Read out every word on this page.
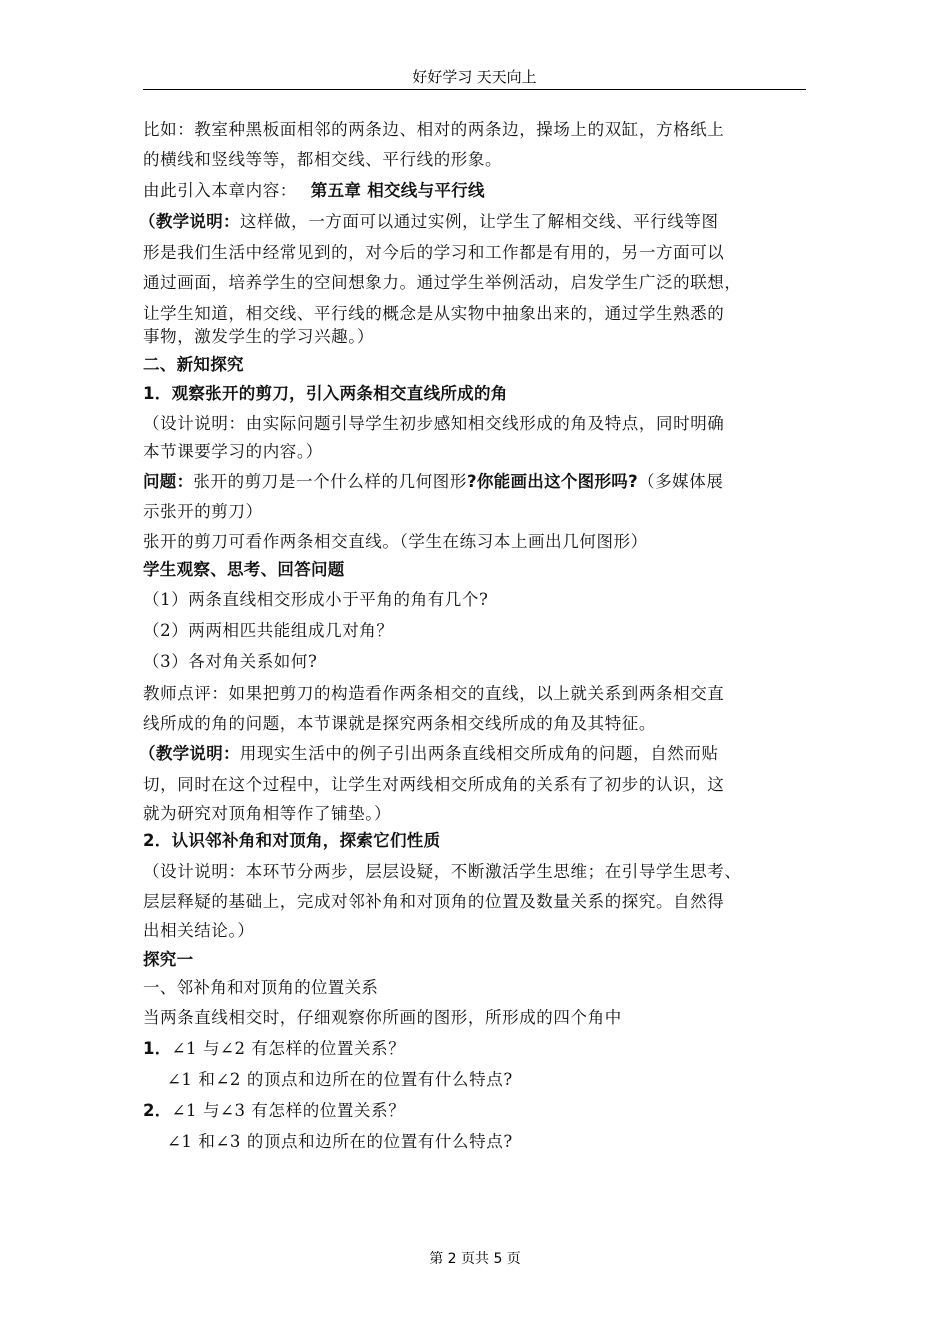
好好学习 天天向上
比如：教室种黑板面相邻的两条边、相对的两条边，操场上的双缸，方格纸上
的横线和竖线等等，都相交线、平行线的形象。
由此引入本章内容： 第五章 相交线与平行线
（教学说明：这样做，一方面可以通过实例，让学生了解相交线、平行线等图
形是我们生活中经常见到的，对今后的学习和工作都是有用的，另一方面可以
通过画面，培养学生的空间想象力。通过学生举例活动，启发学生广泛的联想，
让学生知道，相交线、平行线的概念是从实物中抽象出来的，通过学生熟悉的
事物，激发学生的学习兴趣。）
二、新知探究
1．观察张开的剪刀，引入两条相交直线所成的角
（设计说明：由实际问题引导学生初步感知相交线形成的角及特点，同时明确
本节课要学习的内容。）
问题：张开的剪刀是一个什么样的几何图形?你能画出这个图形吗?（多媒体展
示张开的剪刀）
张开的剪刀可看作两条相交直线。（学生在练习本上画出几何图形）
学生观察、思考、回答问题
（1）两条直线相交形成小于平角的角有几个?
（2）两两相匹共能组成几对角？
（3）各对角关系如何?
教师点评：如果把剪刀的构造看作两条相交的直线，以上就关系到两条相交直
线所成的角的问题，本节课就是探究两条相交线所成的角及其特征。
（教学说明：用现实生活中的例子引出两条直线相交所成角的问题，自然而贴
切，同时在这个过程中，让学生对两线相交所成角的关系有了初步的认识，这
就为研究对顶角相等作了铺垫。）
2．认识邻补角和对顶角，探索它们性质
（设计说明：本环节分两步，层层设疑，不断激活学生思维；在引导学生思考、
层层释疑的基础上，完成对邻补角和对顶角的位置及数量关系的探究。自然得
出相关结论。）
探究一
一、邻补角和对顶角的位置关系
当两条直线相交时，仔细观察你所画的图形，所形成的四个角中
1．∠1 与∠2 有怎样的位置关系？
∠1 和∠2 的顶点和边所在的位置有什么特点?
2．∠1 与∠3 有怎样的位置关系？
∠1 和∠3 的顶点和边所在的位置有什么特点?
第 2 页共 5 页
